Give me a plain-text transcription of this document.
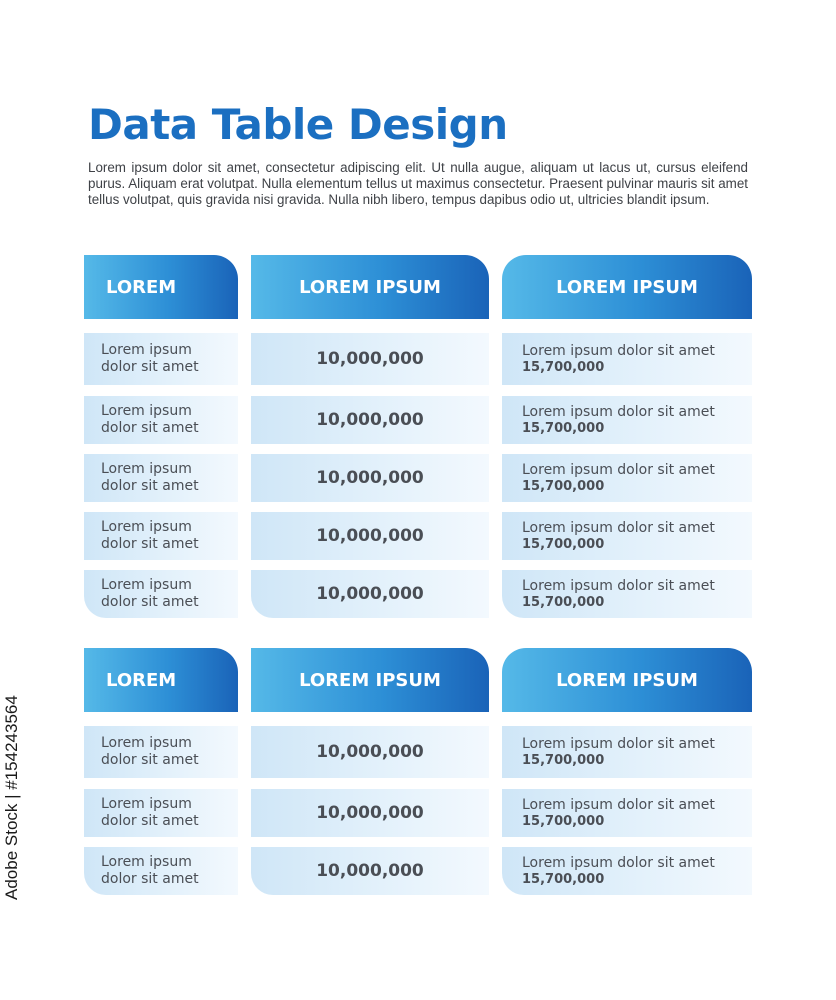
Data Table Design
Lorem ipsum dolor sit amet, consectetur adipiscing elit. Ut nulla augue, aliquam ut lacus ut, cursus eleifend purus. Aliquam erat volutpat. Nulla elementum tellus ut maximus consectetur. Praesent pulvinar mauris sit amet tellus volutpat, quis gravida nisi gravida. Nulla nibh libero, tempus dapibus odio ut, ultricies blandit ipsum.
Adobe Stock | #154243564
LOREM	LOREM IPSUM	LOREM IPSUM
Lorem ipsum
dolor sit amet	10,000,000	Lorem ipsum dolor sit amet
15,700,000
Lorem ipsum
dolor sit amet	10,000,000	Lorem ipsum dolor sit amet
15,700,000
Lorem ipsum
dolor sit amet	10,000,000	Lorem ipsum dolor sit amet
15,700,000
Lorem ipsum
dolor sit amet	10,000,000	Lorem ipsum dolor sit amet
15,700,000
Lorem ipsum
dolor sit amet	10,000,000	Lorem ipsum dolor sit amet
15,700,000
LOREM	LOREM IPSUM	LOREM IPSUM
Lorem ipsum
dolor sit amet	10,000,000	Lorem ipsum dolor sit amet
15,700,000
Lorem ipsum
dolor sit amet	10,000,000	Lorem ipsum dolor sit amet
15,700,000
Lorem ipsum
dolor sit amet	10,000,000	Lorem ipsum dolor sit amet
15,700,000
